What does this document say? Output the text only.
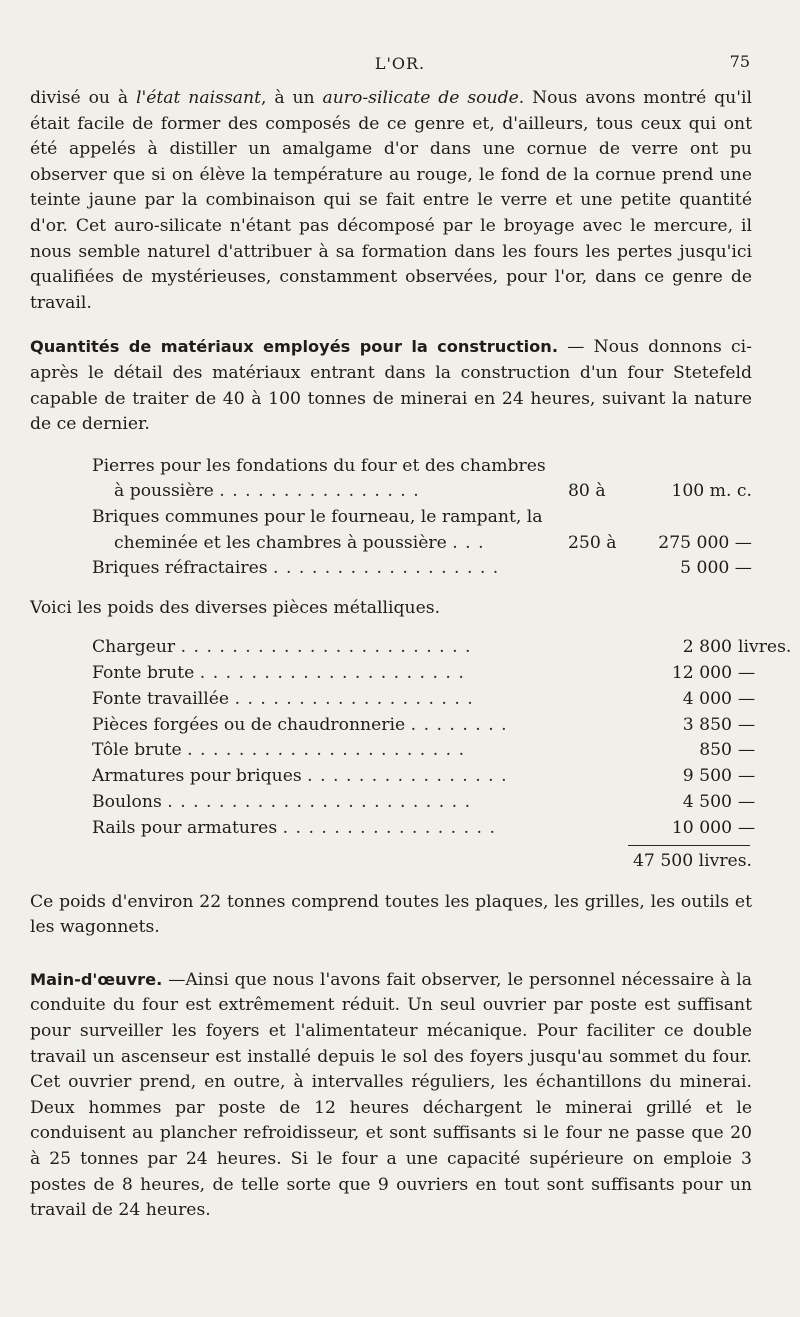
L'OR.	75

divisé ou à l'état naissant, à un auro-silicate de soude. Nous avons montré qu'il était facile de former des composés de ce genre et, d'ailleurs, tous ceux qui ont été appelés à distiller un amalgame d'or dans une cornue de verre ont pu observer que si on élève la température au rouge, le fond de la cornue prend une teinte jaune par la combinaison qui se fait entre le verre et une petite quantité d'or. Cet auro-silicate n'étant pas décomposé par le broyage avec le mercure, il nous semble naturel d'attribuer à sa formation dans les fours les pertes jusqu'ici qualifiées de mystérieuses, constamment observées, pour l'or, dans ce genre de travail.

Quantités de matériaux employés pour la construction. — Nous donnons ci-après le détail des matériaux entrant dans la construction d'un four Stetefeld capable de traiter de 40 à 100 tonnes de minerai en 24 heures, suivant la nature de ce dernier.

Pierres pour les fondations du four et des chambres
à poussière . . . . . . . . . . . . . . . .	80 à	100 m. c.
Briques communes pour le fourneau, le rampant, la
cheminée et les chambres à poussière . . .	250 à 275 000 —
Briques réfractaires . . . . . . . . . . . . . . . . . .	5 000 —

Voici les poids des diverses pièces métalliques.

Chargeur . . . . . . . . . . . . . . . . . . . . . . .	2 800 livres.
Fonte brute . . . . . . . . . . . . . . . . . . . . .	12 000 —
Fonte travaillée . . . . . . . . . . . . . . . . . . .	4 000 —
Pièces forgées ou de chaudronnerie . . . . . . . .	3 850 —
Tôle brute . . . . . . . . . . . . . . . . . . . . . .	850 —
Armatures pour briques . . . . . . . . . . . . . . . .	9 500 —
Boulons . . . . . . . . . . . . . . . . . . . . . . . .	4 500 —
Rails pour armatures . . . . . . . . . . . . . . . . .	10 000 —
47 500 livres.

Ce poids d'environ 22 tonnes comprend toutes les plaques, les grilles, les outils et les wagonnets.

Main-d'œuvre. —Ainsi que nous l'avons fait observer, le personnel nécessaire à la conduite du four est extrêmement réduit. Un seul ouvrier par poste est suffisant pour surveiller les foyers et l'alimentateur mécanique. Pour faciliter ce double travail un ascenseur est installé depuis le sol des foyers jusqu'au sommet du four. Cet ouvrier prend, en outre, à intervalles réguliers, les échantillons du minerai. Deux hommes par poste de 12 heures déchargent le minerai grillé et le conduisent au plancher refroidisseur, et sont suffisants si le four ne passe que 20 à 25 tonnes par 24 heures. Si le four a une capacité supérieure on emploie 3 postes de 8 heures, de telle sorte que 9 ouvriers en tout sont suffisants pour un travail de 24 heures.
